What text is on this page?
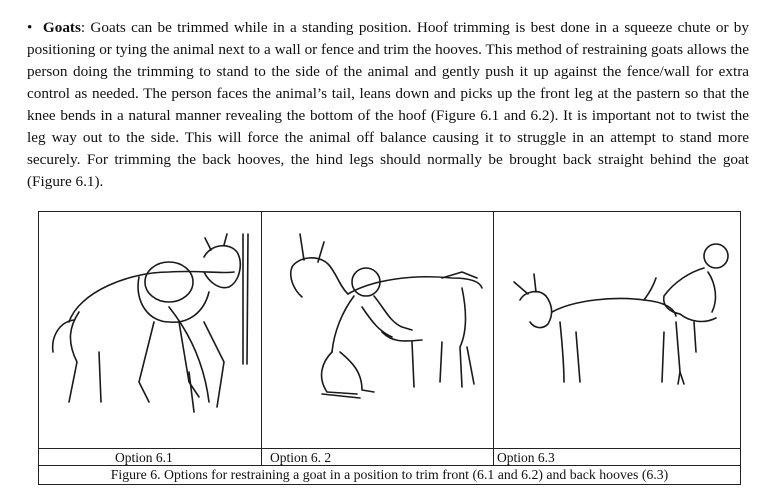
• Goats: Goats can be trimmed while in a standing position. Hoof trimming is best done in a squeeze chute or by positioning or tying the animal next to a wall or fence and trim the hooves. This method of restraining goats allows the person doing the trimming to stand to the side of the animal and gently push it up against the fence/wall for extra control as needed. The person faces the animal’s tail, leans down and picks up the front leg at the pastern so that the knee bends in a natural manner revealing the bottom of the hoof (Figure 6.1 and 6.2). It is important not to twist the leg way out to the side. This will force the animal off balance causing it to struggle in an attempt to stand more securely. For trimming the back hooves, the hind legs should normally be brought back straight behind the goat (Figure 6.1).

Option 6.1	Option 6. 2	Option 6.3
Figure 6. Options for restraining a goat in a position to trim front (6.1 and 6.2) and back hooves (6.3)
